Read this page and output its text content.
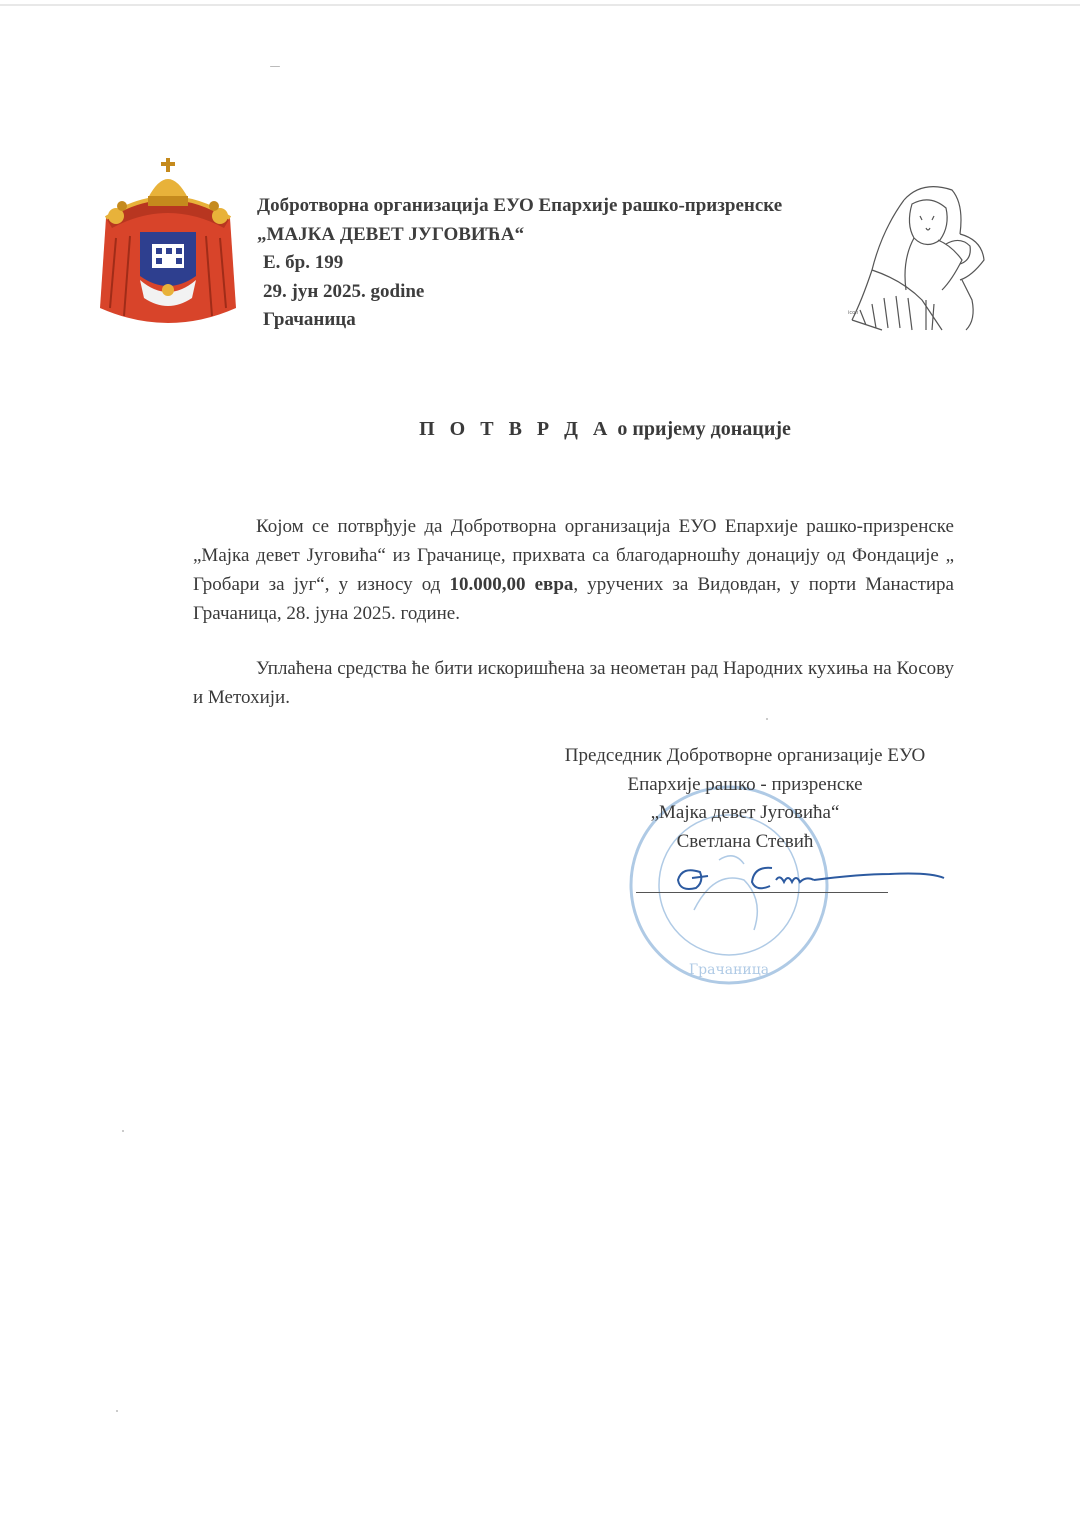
Добротворна организација ЕУО Епархије рашко-призренске
„МАЈКА ДЕВЕТ ЈУГОВИЋА“
Е. бр. 199
29. јун 2025. godine
Грачаница	icon
П О Т В Р Д А о пријему донације

Којом се потврђује да Добротворна организација ЕУО Епархије рашко-призренске „Мајка девет Југовића“ из Грачанице, прихвата са благодарношћу донацију од Фондације „ Гробари за југ“, у износу од 10.000,00 евра, уручених за Видовдан, у порти Манастира Грачаница, 28. јуна 2025. године.

Уплаћена средства ће бити искоришћена за неометан рад Народних кухиња на Косову и Метохији.

Грачаница
Председник Добротворне организације ЕУО
Епархије рашко - призренске
„Мајка девет Југовића“
Светлана Стевић
